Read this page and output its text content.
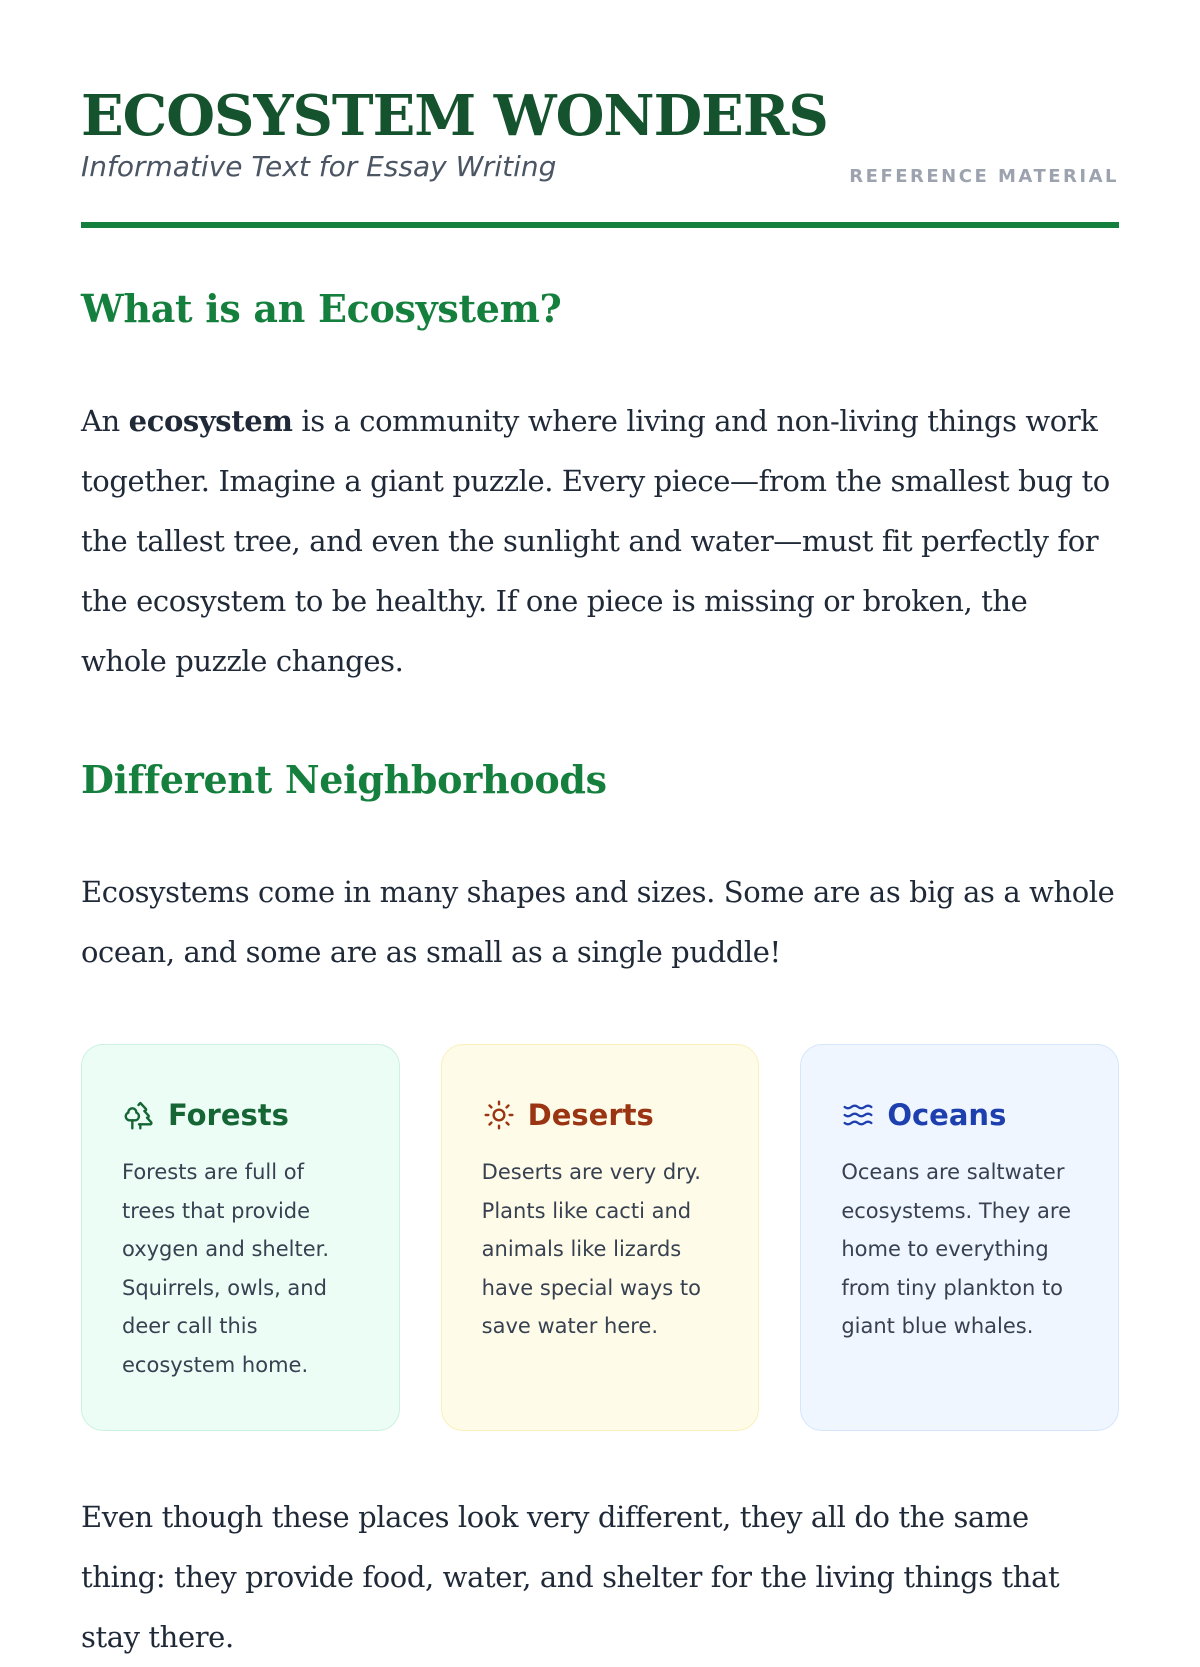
ECOSYSTEM WONDERS
Informative Text for Essay Writing	REFERENCE MATERIAL
What is an Ecosystem?

An ecosystem is a community where living and non-living things work together. Imagine a giant puzzle. Every piece—from the smallest bug to the tallest tree, and even the sunlight and water—must fit perfectly for the ecosystem to be healthy. If one piece is missing or broken, the whole puzzle changes.

Different Neighborhoods

Ecosystems come in many shapes and sizes. Some are as big as a whole ocean, and some are as small as a single puddle!

Forests
Forests are full of trees that provide oxygen and shelter. Squirrels, owls, and deer call this ecosystem home.
Deserts
Deserts are very dry. Plants like cacti and animals like lizards have special ways to save water here.
Oceans
Oceans are saltwater ecosystems. They are home to everything from tiny plankton to giant blue whales.

Even though these places look very different, they all do the same thing: they provide food, water, and shelter for the living things that stay there.
